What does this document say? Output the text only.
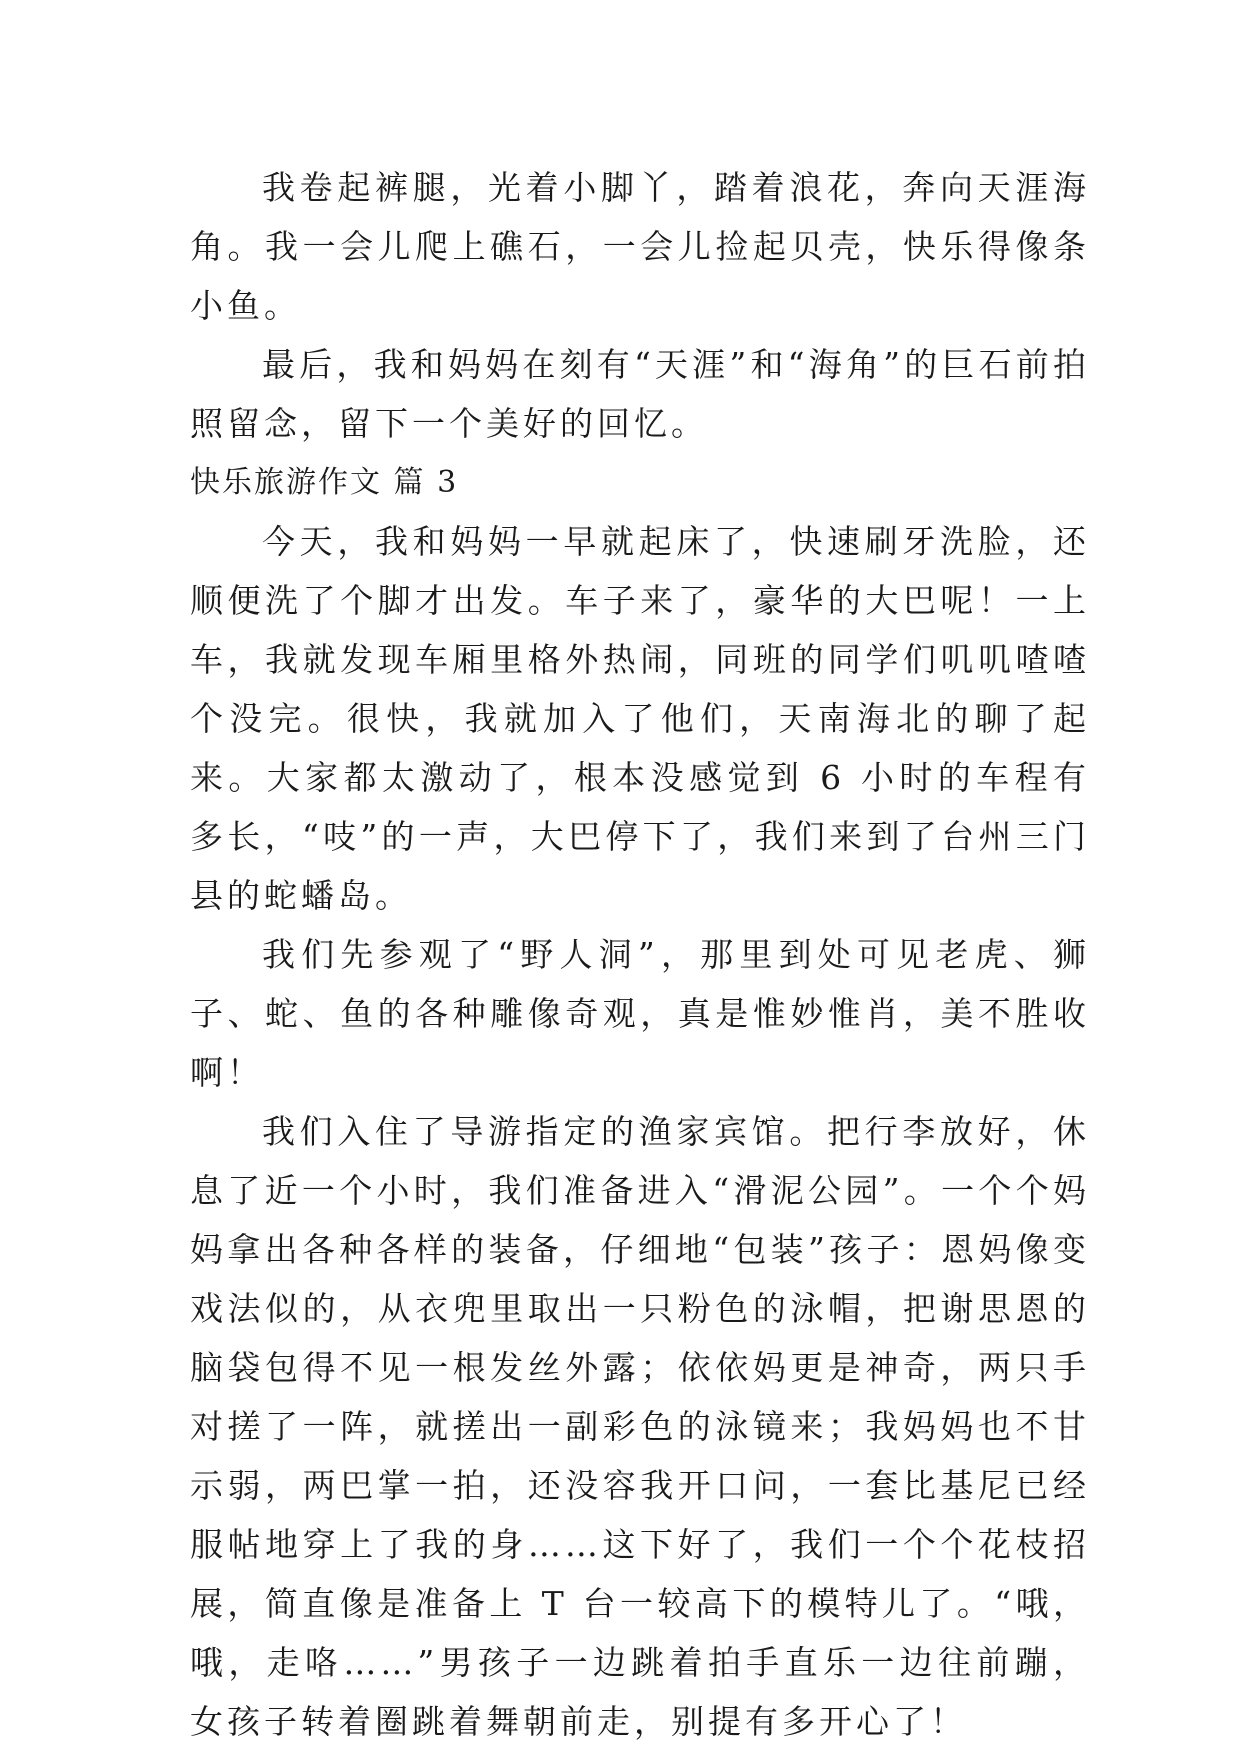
我卷起裤腿，光着小脚丫，踏着浪花，奔向天涯海角。我一会儿爬上礁石，一会儿捡起贝壳，快乐得像条小鱼。

最后，我和妈妈在刻有“天涯”和“海角”的巨石前拍照留念，留下一个美好的回忆。

快乐旅游作文 篇 3

今天，我和妈妈一早就起床了，快速刷牙洗脸，还顺便洗了个脚才出发。车子来了，豪华的大巴呢！一上车，我就发现车厢里格外热闹，同班的同学们叽叽喳喳个没完。很快，我就加入了他们，天南海北的聊了起来。大家都太激动了，根本没感觉到 6 小时的车程有多长，“吱”的一声，大巴停下了，我们来到了台州三门县的蛇蟠岛。

我们先参观了“野人洞”，那里到处可见老虎、狮子、蛇、鱼的各种雕像奇观，真是惟妙惟肖，美不胜收啊！

我们入住了导游指定的渔家宾馆。把行李放好，休息了近一个小时，我们准备进入“滑泥公园”。一个个妈妈拿出各种各样的装备，仔细地“包装”孩子：恩妈像变戏法似的，从衣兜里取出一只粉色的泳帽，把谢思恩的脑袋包得不见一根发丝外露；依依妈更是神奇，两只手对搓了一阵，就搓出一副彩色的泳镜来；我妈妈也不甘示弱，两巴掌一拍，还没容我开口问，一套比基尼已经服帖地穿上了我的身……这下好了，我们一个个花枝招展，简直像是准备上 T 台一较高下的模特儿了。“哦，哦，走咯……”男孩子一边跳着拍手直乐一边往前蹦，女孩子转着圈跳着舞朝前走，别提有多开心了！
